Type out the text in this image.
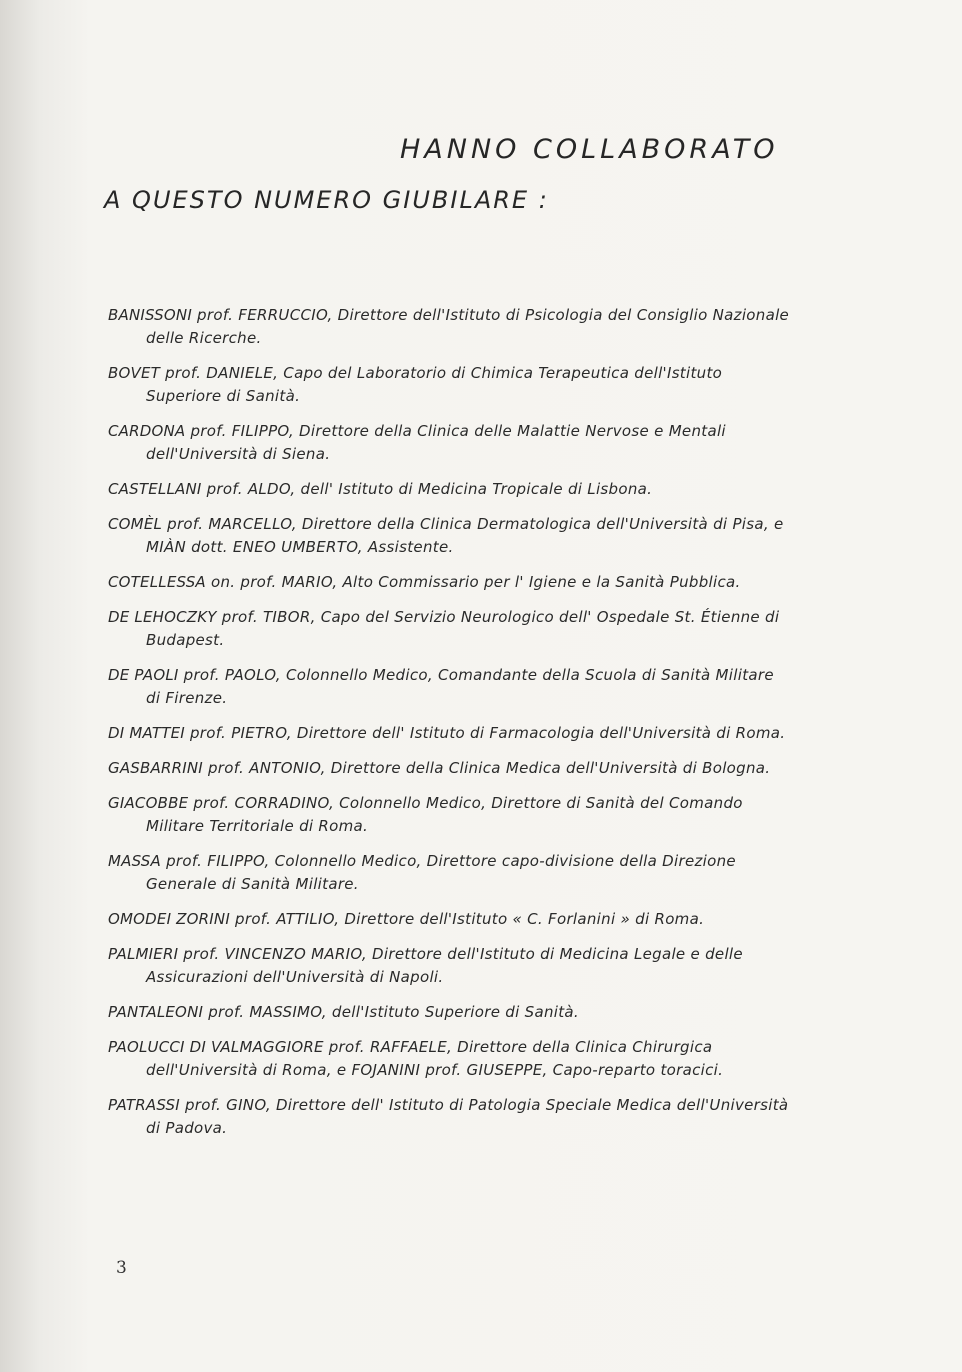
HANNO COLLABORATO
A QUESTO NUMERO GIUBILARE :
BANISSONI prof. FERRUCCIO, Direttore dell'Istituto di Psicologia del Consiglio Nazionale delle Ricerche.
BOVET prof. DANIELE, Capo del Laboratorio di Chimica Terapeutica dell'Istituto Superiore di Sanità.
CARDONA prof. FILIPPO, Direttore della Clinica delle Malattie Nervose e Mentali dell'Università di Siena.
CASTELLANI prof. ALDO, dell' Istituto di Medicina Tropicale di Lisbona.
COMÈL prof. MARCELLO, Direttore della Clinica Dermatologica dell'Università di Pisa, e MIÀN dott. ENEO UMBERTO, Assistente.
COTELLESSA on. prof. MARIO, Alto Commissario per l' Igiene e la Sanità Pubblica.
DE LEHOCZKY prof. TIBOR, Capo del Servizio Neurologico dell' Ospedale St. Étienne di Budapest.
DE PAOLI prof. PAOLO, Colonnello Medico, Comandante della Scuola di Sanità Militare di Firenze.
DI MATTEI prof. PIETRO, Direttore dell' Istituto di Farmacologia dell'Università di Roma.
GASBARRINI prof. ANTONIO, Direttore della Clinica Medica dell'Università di Bologna.
GIACOBBE prof. CORRADINO, Colonnello Medico, Direttore di Sanità del Comando Militare Territoriale di Roma.
MASSA prof. FILIPPO, Colonnello Medico, Direttore capo-divisione della Direzione Generale di Sanità Militare.
OMODEI ZORINI prof. ATTILIO, Direttore dell'Istituto « C. Forlanini » di Roma.
PALMIERI prof. VINCENZO MARIO, Direttore dell'Istituto di Medicina Legale e delle Assicurazioni dell'Università di Napoli.
PANTALEONI prof. MASSIMO, dell'Istituto Superiore di Sanità.
PAOLUCCI DI VALMAGGIORE prof. RAFFAELE, Direttore della Clinica Chirurgica dell'Università di Roma, e FOJANINI prof. GIUSEPPE, Capo-reparto toracici.
PATRASSI prof. GINO, Direttore dell' Istituto di Patologia Speciale Medica dell'Università di Padova.
3
